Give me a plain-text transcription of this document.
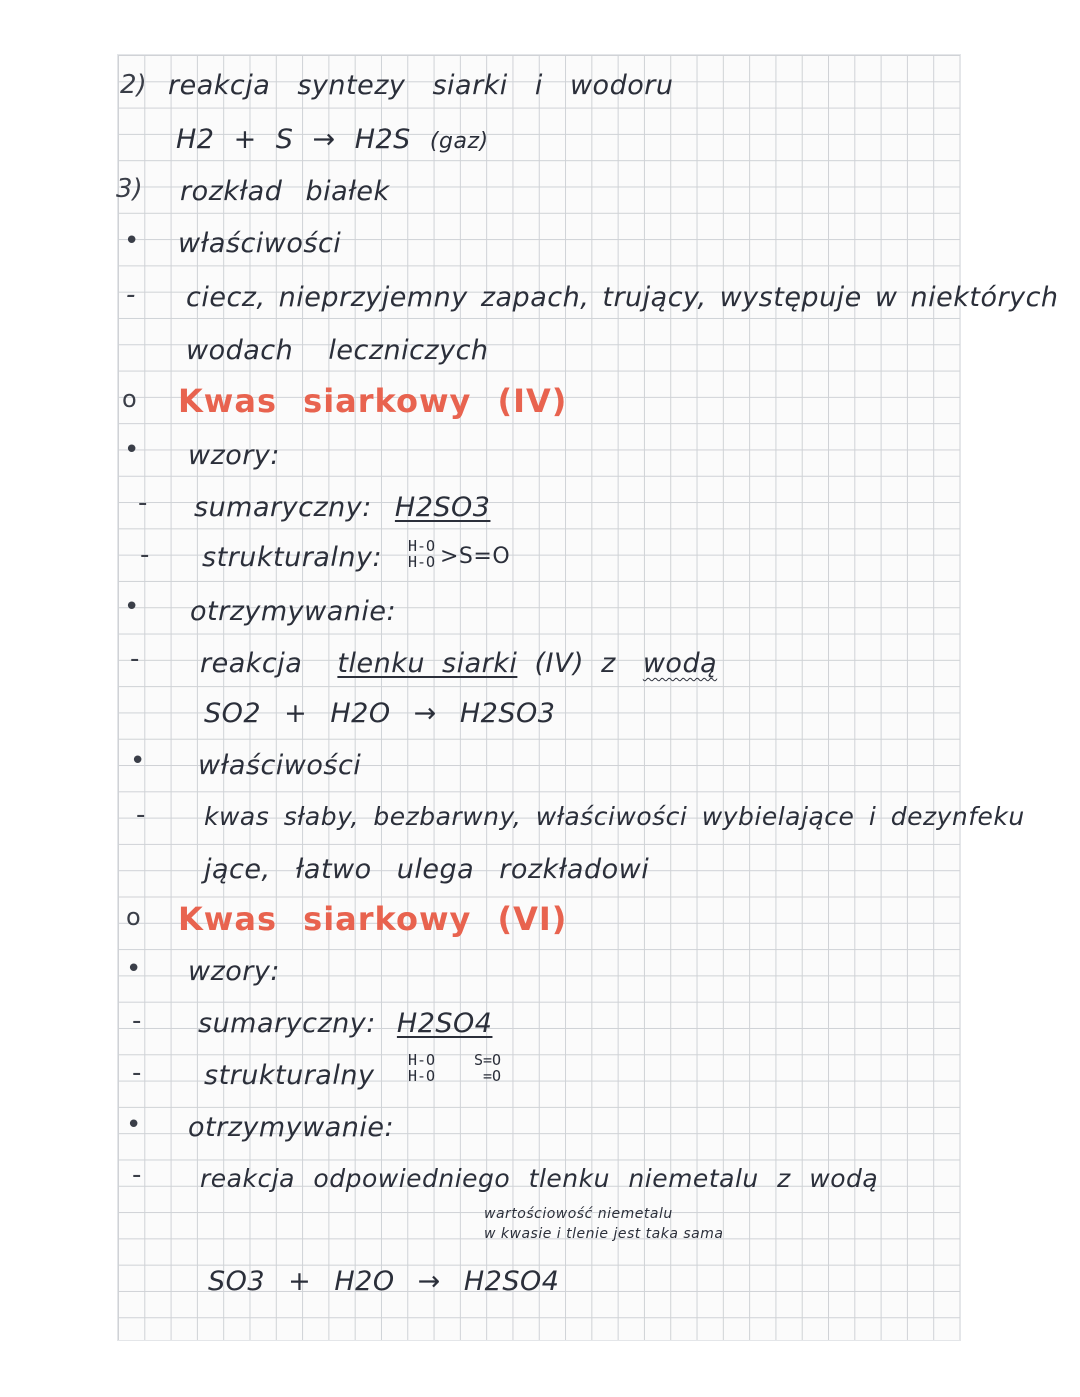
2) reakcja syntezy siarki i wodoru
H2 + S → H2S (gaz)
3) rozkład białek
• właściwości
- ciecz, nieprzyjemny zapach, trujący, występuje w niektórych
wodach leczniczych
o Kwas siarkowy (IV)
• wzory:
- sumaryczny: H2SO3
- strukturalny: H-O
H-O >S=O
• otrzymywanie:
- reakcja tlenku siarki (IV) z wodą
SO2 + H2O → H2SO3
• właściwości
- kwas słaby, bezbarwny, właściwości wybielające i dezynfeku
jące, łatwo ulega rozkładowi
o Kwas siarkowy (VI)
• wzory:
- sumaryczny: H2SO4
- strukturalny H-O
H-O
S=O
=O
• otrzymywanie:
- reakcja odpowiedniego tlenku niemetalu z wodą
wartościowość niemetalu
w kwasie i tlenie jest taka sama
SO3 + H2O → H2SO4
